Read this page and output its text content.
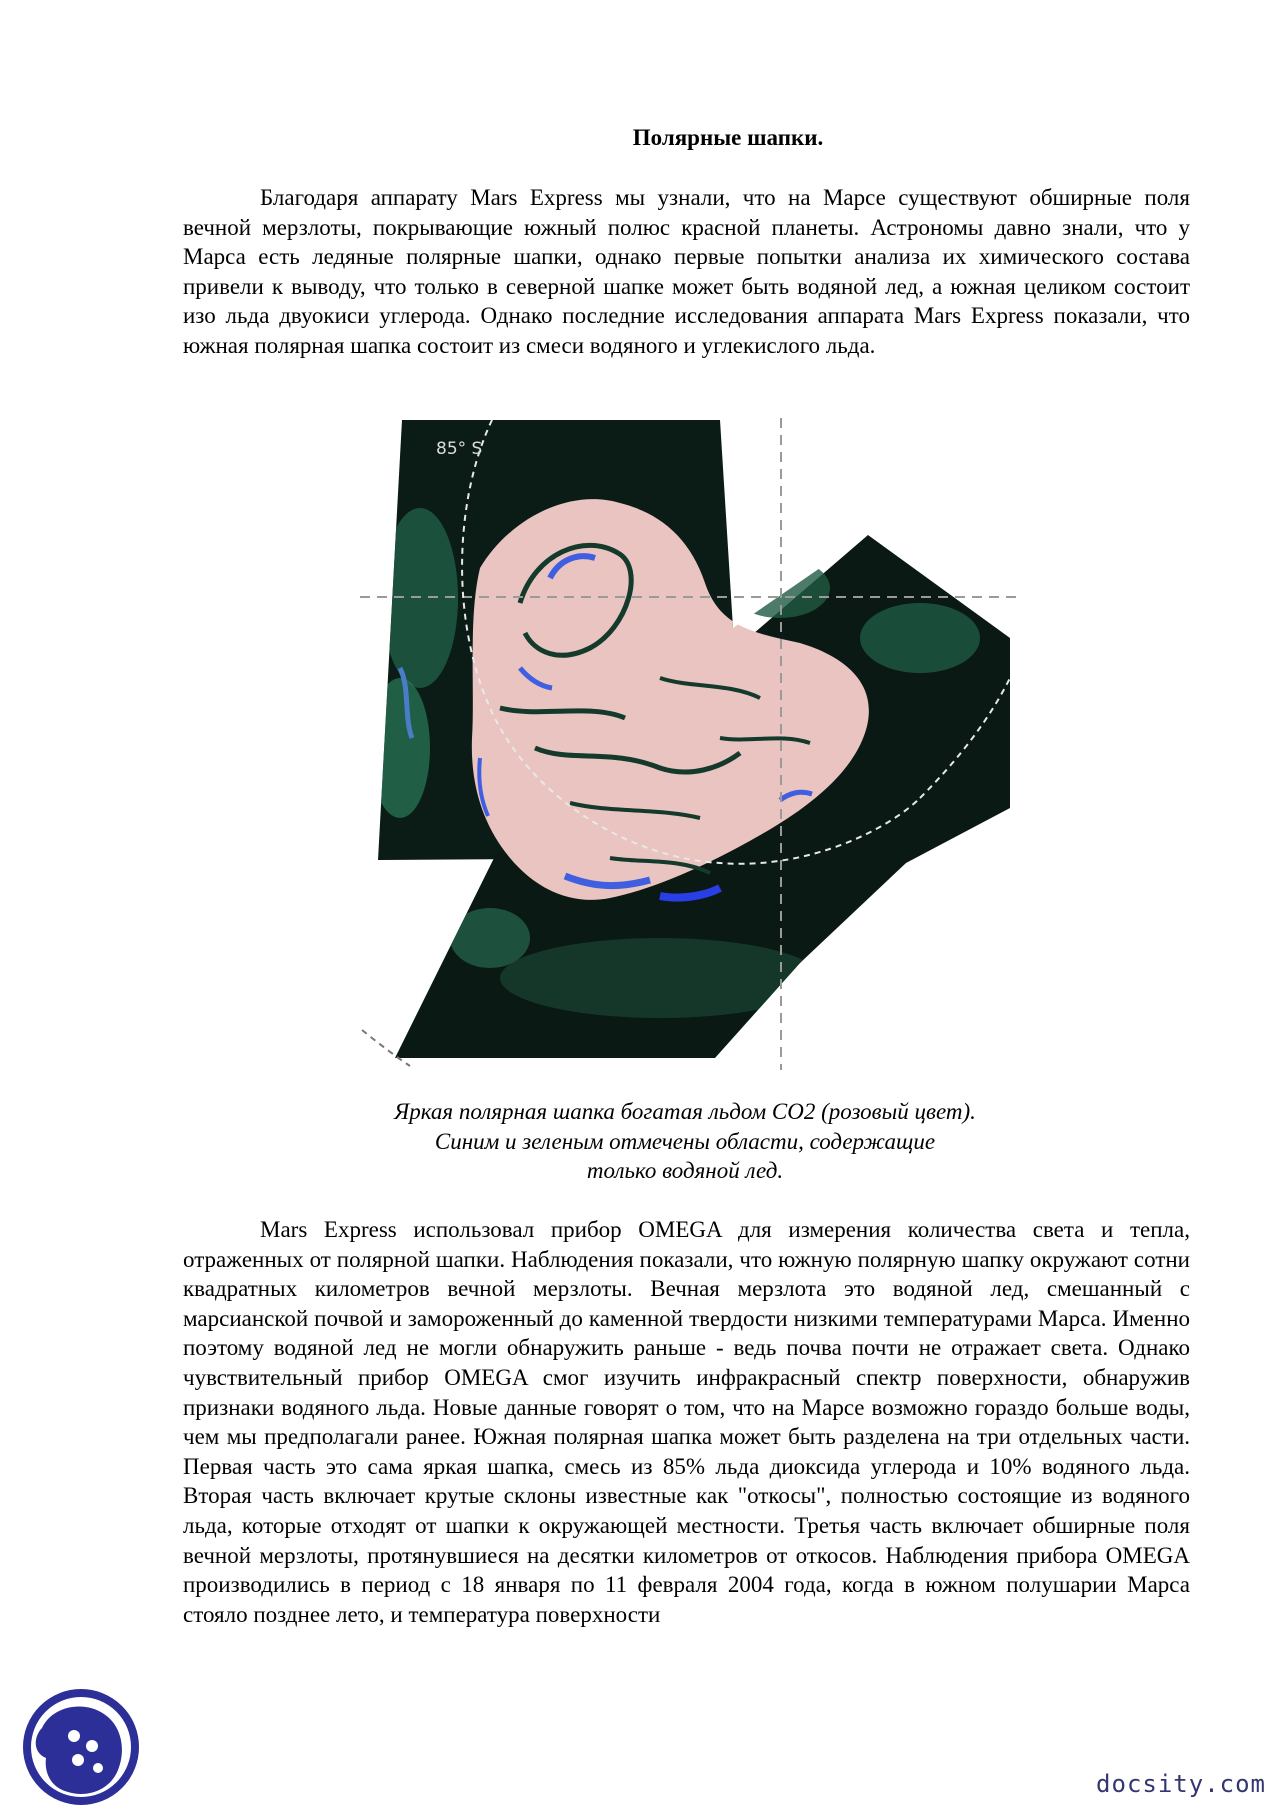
Полярные шапки.

Благодаря аппарату Mars Express мы узнали, что на Марсе существуют обширные поля вечной мерзлоты, покрывающие южный полюс красной планеты. Астрономы давно знали, что у Марса есть ледяные полярные шапки, однако первые попытки анализа их химического состава привели к выводу, что только в северной шапке может быть водяной лед, а южная целиком состоит изо льда двуокиси углерода. Однако последние исследования аппарата Mars Express показали, что южная полярная шапка состоит из смеси водяного и углекислого льда.

85° S
Яркая полярная шапка богатая льдом CO2 (розовый цвет).
Синим и зеленым отмечены области, содержащие
только водяной лед.

Mars Express использовал прибор OMEGA для измерения количества света и тепла, отраженных от полярной шапки. Наблюдения показали, что южную полярную шапку окружают сотни квадратных километров вечной мерзлоты. Вечная мерзлота это водяной лед, смешанный с марсианской почвой и замороженный до каменной твердости низкими температурами Марса. Именно поэтому водяной лед не могли обнаружить раньше - ведь почва почти не отражает света. Однако чувствительный прибор OMEGA смог изучить инфракрасный спектр поверхности, обнаружив признаки водяного льда. Новые данные говорят о том, что на Марсе возможно гораздо больше воды, чем мы предполагали ранее. Южная полярная шапка может быть разделена на три отдельных части. Первая часть это сама яркая шапка, смесь из 85% льда диоксида углерода и 10% водяного льда. Вторая часть включает крутые склоны известные как "откосы", полностью состоящие из водяного льда, которые отходят от шапки к окружающей местности. Третья часть включает обширные поля вечной мерзлоты, протянувшиеся на десятки километров от откосов. Наблюдения прибора OMEGA производились в период с 18 января по 11 февраля 2004 года, когда в южном полушарии Марса стояло позднее лето, и температура поверхности

docsity.com
